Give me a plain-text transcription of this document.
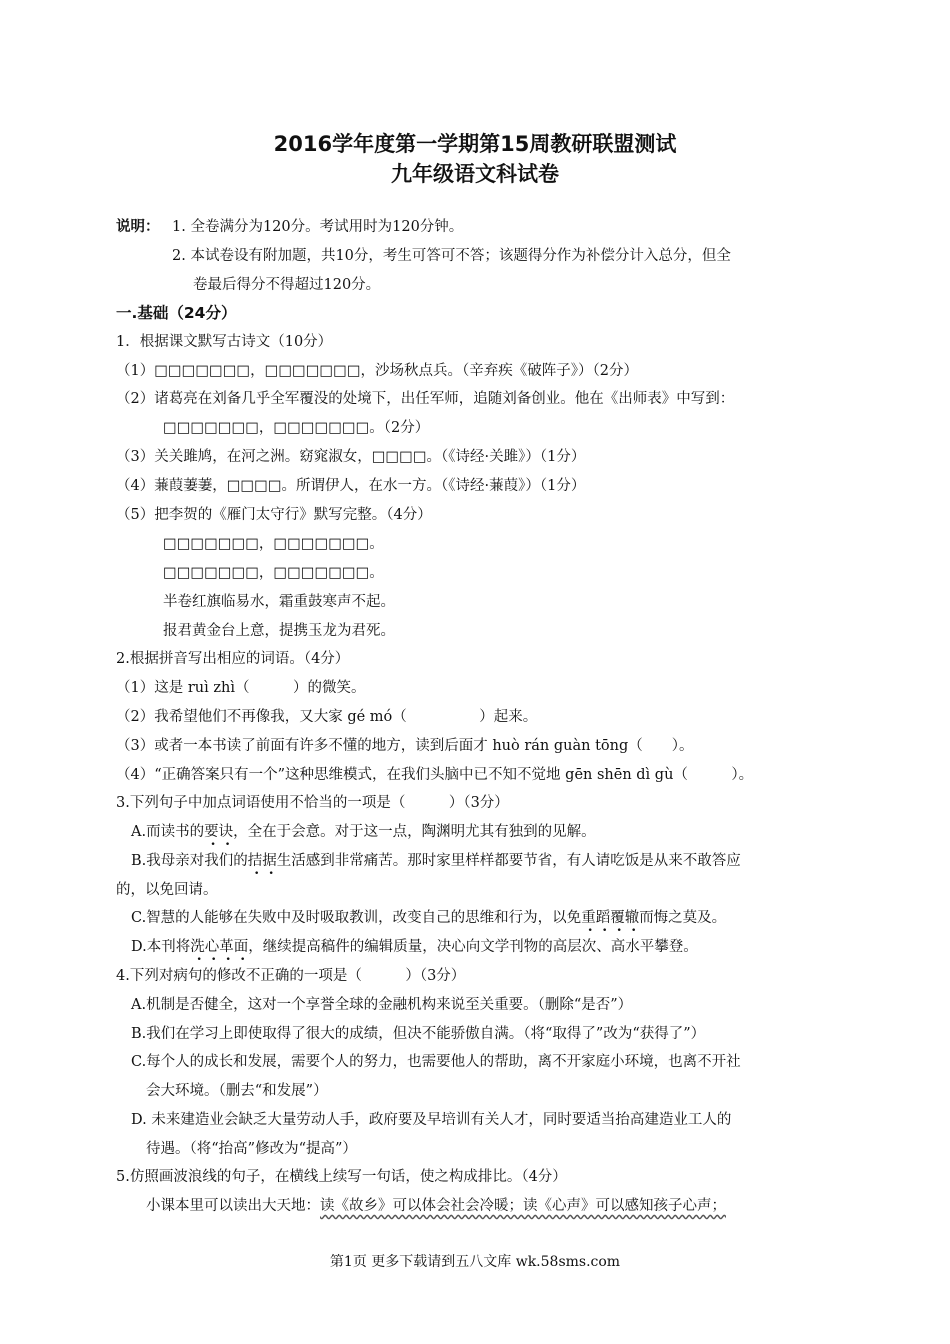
2016学年度第一学期第15周教研联盟测试
九年级语文科试卷
说明： 1. 全卷满分为120分。考试用时为120分钟。
2. 本试卷设有附加题，共10分，考生可答可不答；该题得分作为补偿分计入总分，但全
卷最后得分不得超过120分。
一.基础（24分）
1．根据课文默写古诗文（10分）
（1）□□□□□□□，□□□□□□□，沙场秋点兵。（辛弃疾《破阵子》）（2分）
（2）诸葛亮在刘备几乎全军覆没的处境下，出任军师，追随刘备创业。他在《出师表》中写到：
□□□□□□□，□□□□□□□。（2分）
（3）关关雎鸠，在河之洲。窈窕淑女，□□□□。（《诗经·关雎》）（1分）
（4）蒹葭萋萋，□□□□。所谓伊人，在水一方。（《诗经·蒹葭》）（1分）
（5）把李贺的《雁门太守行》默写完整。（4分）
□□□□□□□，□□□□□□□。
□□□□□□□，□□□□□□□。
半卷红旗临易水，霜重鼓寒声不起。
报君黄金台上意，提携玉龙为君死。
2.根据拼音写出相应的词语。（4分）
（1）这是 ruì zhì（　　　）的微笑。
（2）我希望他们不再像我，又大家 gé mó（　　　　　）起来。
（3）或者一本书读了前面有许多不懂的地方，读到后面才 huò rán guàn tōng（　　）。
（4）“正确答案只有一个”这种思维模式，在我们头脑中已不知不觉地 gēn shēn dì gù（　　　）。
3.下列句子中加点词语使用不恰当的一项是（　　　）（3分）
A.而读书的要诀，全在于会意。对于这一点，陶渊明尤其有独到的见解。
B.我母亲对我们的拮据生活感到非常痛苦。那时家里样样都要节省，有人请吃饭是从来不敢答应
的，以免回请。
C.智慧的人能够在失败中及时吸取教训，改变自己的思维和行为，以免重蹈覆辙而悔之莫及。
D.本刊将洗心革面，继续提高稿件的编辑质量，决心向文学刊物的高层次、高水平攀登。
4.下列对病句的修改不正确的一项是（　　　）（3分）
A.机制是否健全，这对一个享誉全球的金融机构来说至关重要。（删除“是否”）
B.我们在学习上即使取得了很大的成绩，但决不能骄傲自满。（将“取得了”改为“获得了”）
C.每个人的成长和发展，需要个人的努力，也需要他人的帮助，离不开家庭小环境，也离不开社
会大环境。（删去“和发展”）
D. 未来建造业会缺乏大量劳动人手，政府要及早培训有关人才，同时要适当抬高建造业工人的
待遇。（将“抬高”修改为“提高”）
5.仿照画波浪线的句子，在横线上续写一句话，使之构成排比。（4分）
小课本里可以读出大天地：读《故乡》可以体会社会冷暖；读《心声》可以感知孩子心声；
第1页 更多下载请到五八文库 wk.58sms.com
